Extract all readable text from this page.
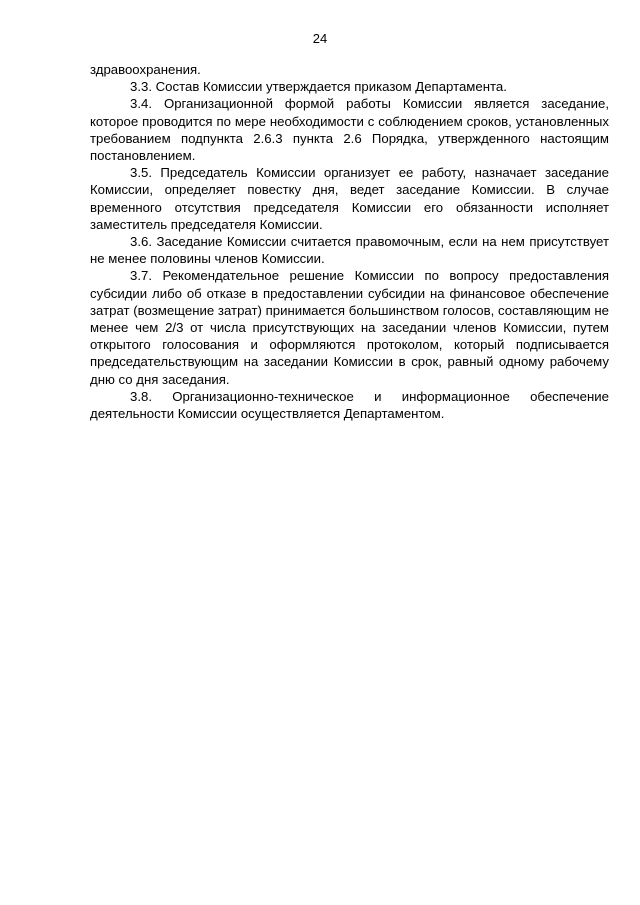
24

здравоохранения.

3.3. Состав Комиссии утверждается приказом Департамента.

3.4. Организационной формой работы Комиссии является заседание, которое проводится по мере необходимости с соблюдением сроков, установленных требованием подпункта 2.6.3 пункта 2.6 Порядка, утвержденного настоящим постановлением.

3.5. Председатель Комиссии организует ее работу, назначает заседание Комиссии, определяет повестку дня, ведет заседание Комиссии. В случае временного отсутствия председателя Комиссии его обязанности исполняет заместитель председателя Комиссии.

3.6. Заседание Комиссии считается правомочным, если на нем присутствует не менее половины членов Комиссии.

3.7. Рекомендательное решение Комиссии по вопросу предоставления субсидии либо об отказе в предоставлении субсидии на финансовое обеспечение затрат (возмещение затрат) принимается большинством голосов, составляющим не менее чем 2/3 от числа присутствующих на заседании членов Комиссии, путем открытого голосования и оформляются протоколом, который подписывается председательствующим на заседании Комиссии в срок, равный одному рабочему дню со дня заседания.

3.8. Организационно-техническое и информационное обеспечение деятельности Комиссии осуществляется Департаментом.
